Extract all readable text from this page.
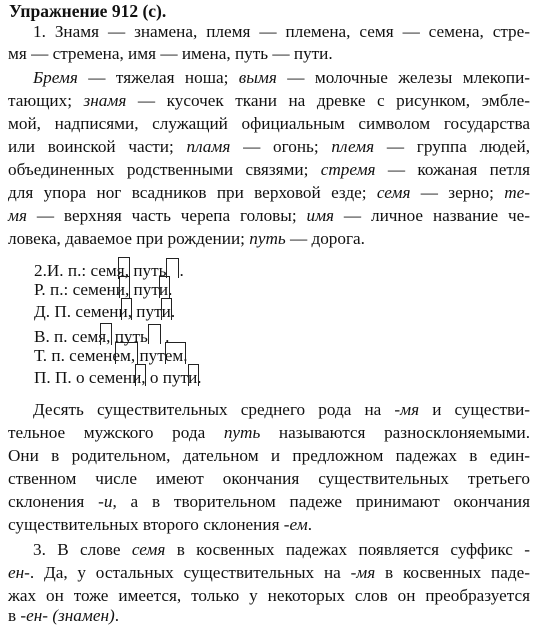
Упражнение 912 (с).
1. Знамя — знамена, племя — племена, семя — семена, стре-
мя — стремена, имя — имена, путь — пути.
Бремя — тяжелая ноша; вымя — молочные железы млекопи-
тающих; знамя — кусочек ткани на древке с рисунком, эмбле-
мой, надписями, служащий официальным символом государства
или воинской части; пламя — огонь; племя — группа людей,
объединенных родственными связями; стремя — кожаная петля
для упора ног всадников при верховой езде; семя — зерно; те-
мя — верхняя часть черепа головы; имя — личное название че-
ловека, даваемое при рождении; путь — дорога.
2.И. п.: семя
, путь .
Р. п.: семени
, пути
.
Д. П. семени
, пути
.
В. п. семя
, путь .
Т. п. семенем
, путем
.
П. П. о семени
, о пути
.
Десять существительных среднего рода на -мя и существи-
тельное мужского рода путь называются разносклоняемыми.
Они в родительном, дательном и предложном падежах в един-
ственном числе имеют окончания существительных третьего
склонения -и, а в творительном падеже принимают окончания
существительных второго склонения -ем.
3. В слове семя в косвенных падежах появляется суффикс -
ен-. Да, у остальных существительных на -мя в косвенных паде-
жах он тоже имеется, только у некоторых слов он преобразуется
в -ен- (знамен).
